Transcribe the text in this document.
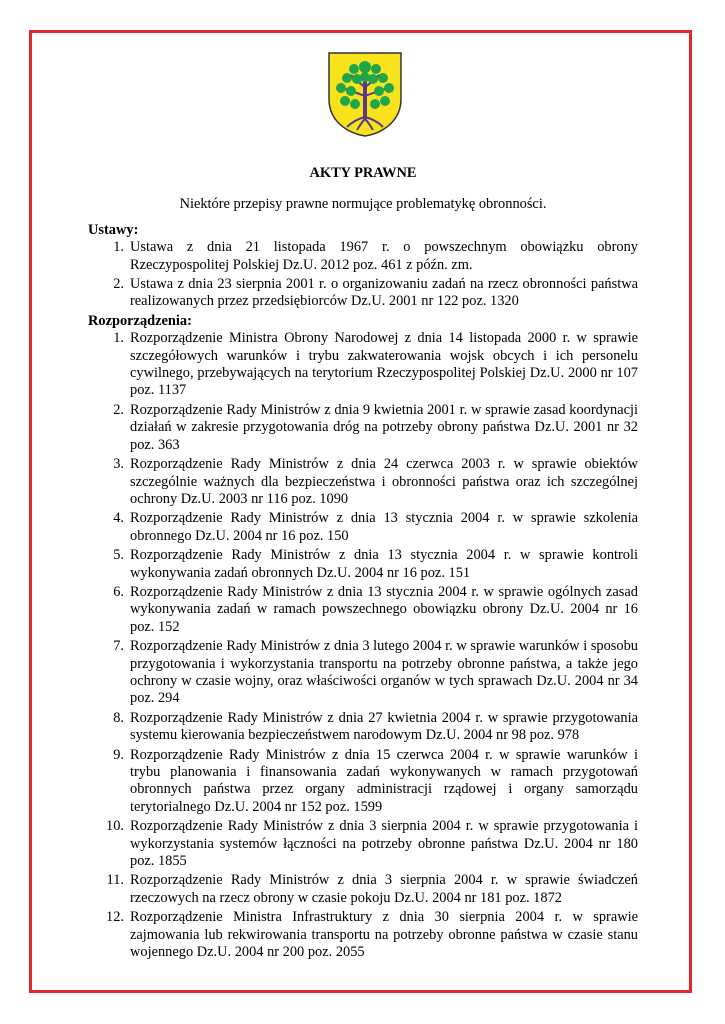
AKTY PRAWNE
Niektóre przepisy prawne normujące problematykę obronności.
Ustawy:
1. Ustawa z dnia 21 listopada 1967 r. o powszechnym obowiązku obrony Rzeczypospolitej Polskiej Dz.U. 2012 poz. 461 z późn. zm.
2. Ustawa z dnia 23 sierpnia 2001 r. o organizowaniu zadań na rzecz obronności państwa realizowanych przez przedsiębiorców Dz.U. 2001 nr 122 poz. 1320
Rozporządzenia:
1. Rozporządzenie Ministra Obrony Narodowej z dnia 14 listopada 2000 r. w sprawie szczegółowych warunków i trybu zakwaterowania wojsk obcych i ich personelu cywilnego, przebywających na terytorium Rzeczypospolitej Polskiej Dz.U. 2000 nr 107 poz. 1137
2. Rozporządzenie Rady Ministrów z dnia 9 kwietnia 2001 r. w sprawie zasad koordynacji działań w zakresie przygotowania dróg na potrzeby obrony państwa Dz.U. 2001 nr 32 poz. 363
3. Rozporządzenie Rady Ministrów z dnia 24 czerwca 2003 r. w sprawie obiektów szczególnie ważnych dla bezpieczeństwa i obronności państwa oraz ich szczególnej ochrony Dz.U. 2003 nr 116 poz. 1090
4. Rozporządzenie Rady Ministrów z dnia 13 stycznia 2004 r. w sprawie szkolenia obronnego Dz.U. 2004 nr 16 poz. 150
5. Rozporządzenie Rady Ministrów z dnia 13 stycznia 2004 r. w sprawie kontroli wykonywania zadań obronnych Dz.U. 2004 nr 16 poz. 151
6. Rozporządzenie Rady Ministrów z dnia 13 stycznia 2004 r. w sprawie ogólnych zasad wykonywania zadań w ramach powszechnego obowiązku obrony Dz.U. 2004 nr 16 poz. 152
7. Rozporządzenie Rady Ministrów z dnia 3 lutego 2004 r. w sprawie warunków i sposobu przygotowania i wykorzystania transportu na potrzeby obronne państwa, a także jego ochrony w czasie wojny, oraz właściwości organów w tych sprawach Dz.U. 2004 nr 34 poz. 294
8. Rozporządzenie Rady Ministrów z dnia 27 kwietnia 2004 r. w sprawie przygotowania systemu kierowania bezpieczeństwem narodowym Dz.U. 2004 nr 98 poz. 978
9. Rozporządzenie Rady Ministrów z dnia 15 czerwca 2004 r. w sprawie warunków i trybu planowania i finansowania zadań wykonywanych w ramach przygotowań obronnych państwa przez organy administracji rządowej i organy samorządu terytorialnego Dz.U. 2004 nr 152 poz. 1599
10. Rozporządzenie Rady Ministrów z dnia 3 sierpnia 2004 r. w sprawie przygotowania i wykorzystania systemów łączności na potrzeby obronne państwa Dz.U. 2004 nr 180 poz. 1855
11. Rozporządzenie Rady Ministrów z dnia 3 sierpnia 2004 r. w sprawie świadczeń rzeczowych na rzecz obrony w czasie pokoju Dz.U. 2004 nr 181 poz. 1872
12. Rozporządzenie Ministra Infrastruktury z dnia 30 sierpnia 2004 r. w sprawie zajmowania lub rekwirowania transportu na potrzeby obronne państwa w czasie stanu wojennego Dz.U. 2004 nr 200 poz. 2055
